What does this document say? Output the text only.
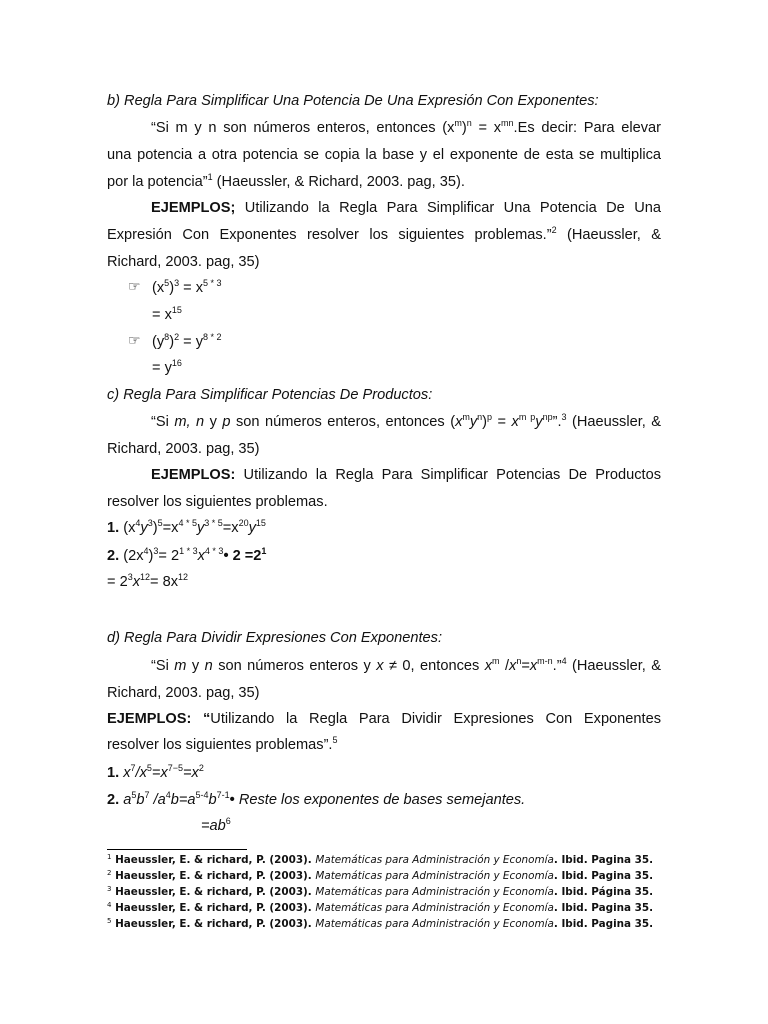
b) Regla Para Simplificar Una Potencia De Una Expresión Con Exponentes:
“Si m y n son números enteros, entonces $(x^m)^n = x^{mn}.Es$ decir: Para elevar
una potencia a otra potencia se copia la base y el exponente de esta se multiplica
por la potencia”$^1$ (Haeussler, & Richard, 2003. pag, 35).
EJEMPLOS; Utilizando la Regla Para Simplificar Una Potencia De Una
Expresión Con Exponentes resolver los siguientes problemas.”$^2$ (Haeussler, &
Richard, 2003. pag, 35)
☞ $(x^5)^3 = x^{5 * 3}$
= $x^{15}$
☞ $(y^8)^2 = y^{8 * 2}$
= $y^{16}$
c) Regla Para Simplificar Potencias De Productos:
“Si m, n y p son números enteros, entonces $(x^my^n)^p$ = $x^{m p}y^{np}”.^3$ (Haeussler, &
Richard, 2003. pag, 35)
EJEMPLOS: Utilizando la Regla Para Simplificar Potencias De Productos
resolver los siguientes problemas.
1. $(x^4y^3)^5=x^{4 * 5}y^{3 * 5}=x^{20}y^{15}$
2. $(2x^4)^3=$ $2^{1 * 3}x^{4 * 3}•$ $2 =2^1$
= $2^3x^{12}= 8x^{12}$
d) Regla Para Dividir Expresiones Con Exponentes:
“Si m y n son números enteros y x ≠ 0, entonces $x^m$ $/x^n=x^{m-n}.”^4$ (Haeussler, &
Richard, 2003. pag, 35)
EJEMPLOS: “Utilizando la Regla Para Dividir Expresiones Con Exponentes
resolver los siguientes problemas”.$^5$
1. $x^7/x^5=x^{7-5}=x^2$
2. $a^5b^7$ $/a^4b=a^{5-4}b^{7-1}•$ Reste los exponentes de bases semejantes.
$=ab^6$
$^1$ Haeussler, E. & richard, P. (2003). Matemáticas para Administración y Economía. Ibid. Pagina 35.
$^2$ Haeussler, E. & richard, P. (2003). Matemáticas para Administración y Economía. Ibid. Pagina 35.
$^3$ Haeussler, E. & richard, P. (2003). Matemáticas para Administración y Economía. Ibid. Página 35.
$^4$ Haeussler, E. & richard, P. (2003). Matemáticas para Administración y Economía. Ibid. Pagina 35.
$^5$ Haeussler, E. & richard, P. (2003). Matemáticas para Administración y Economía. Ibid. Pagina 35.
